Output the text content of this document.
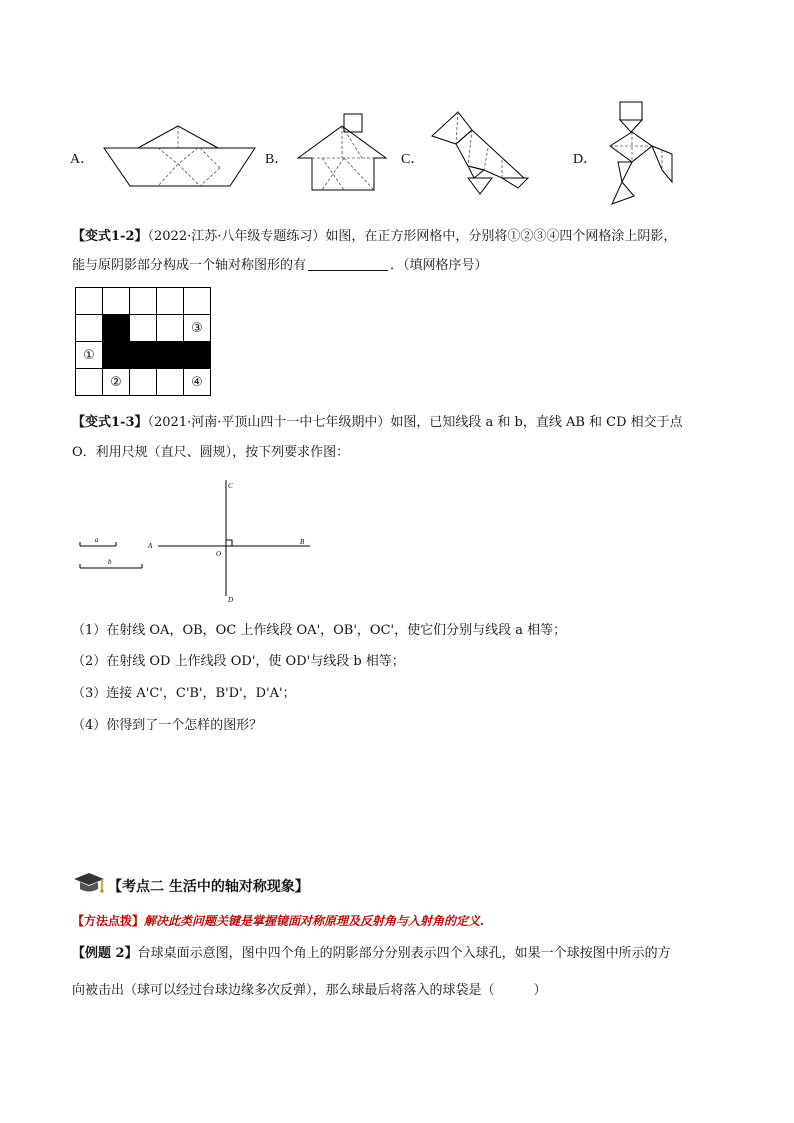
A．	B．	C．	D．
【变式1-2】（2022·江苏·八年级专题练习）如图，在正方形网格中，分别将①②③④四个网格涂上阴影，
能与原阴影部分构成一个轴对称图形的有	．（填网格序号）

				③
①				
	②			④
【变式1-3】（2021·河南·平顶山四十一中七年级期中）如图，已知线段 a 和 b，直线 AB 和 CD 相交于点
O．利用尺规（直尺、圆规），按下列要求作图：
a
b
A	B
C
D
O
（1）在射线 OA，OB，OC 上作线段 OA'，OB'，OC'，使它们分别与线段 a 相等；
（2）在射线 OD 上作线段 OD'，使 OD'与线段 b 相等；
（3）连接 A'C'，C'B'，B'D'，D'A'；
（4）你得到了一个怎样的图形？
【考点二 生活中的轴对称现象】
【方法点拨】解决此类问题关键是掌握镜面对称原理及反射角与入射角的定义.
【例题 2】台球桌面示意图，图中四个角上的阴影部分分别表示四个入球孔，如果一个球按图中所示的方
向被击出（球可以经过台球边缘多次反弹），那么球最后将落入的球袋是（　　　）
